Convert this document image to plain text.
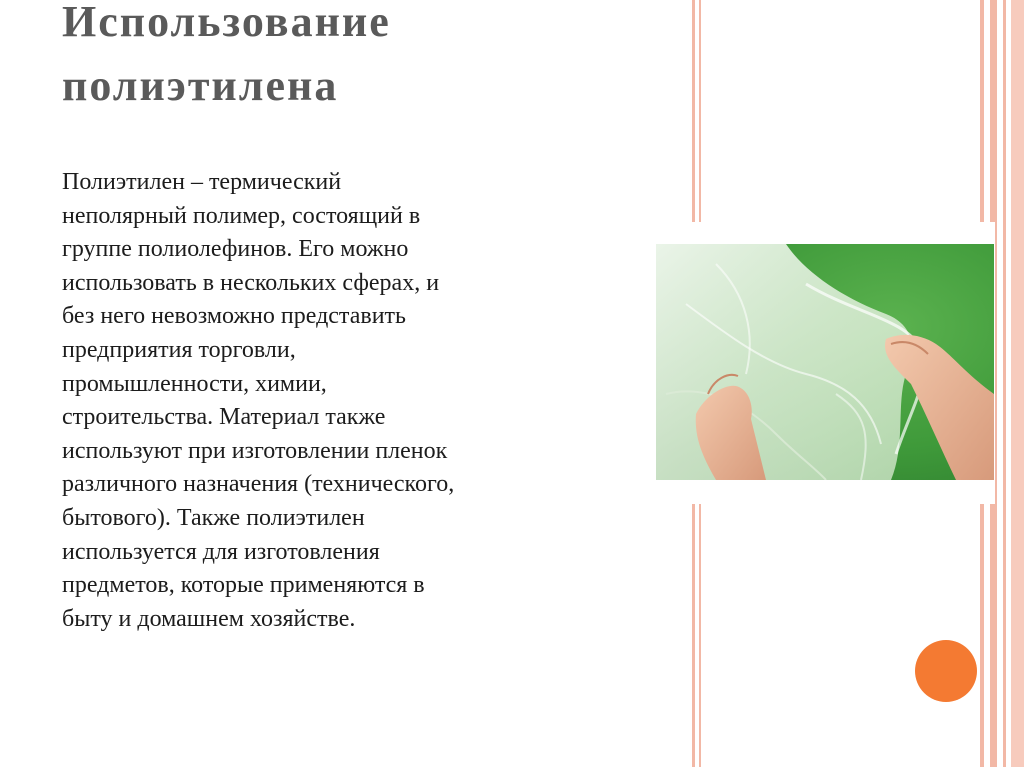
Использование
полиэтилена
Полиэтилен – термический
неполярный полимер, состоящий в
группе полиолефинов. Его можно
использовать в нескольких сферах, и
без него невозможно представить
предприятия торговли,
промышленности, химии,
строительства. Материал также
используют при изготовлении пленок
различного назначения (технического,
бытового). Также полиэтилен
используется для изготовления
предметов, которые применяются в
быту и домашнем хозяйстве.
